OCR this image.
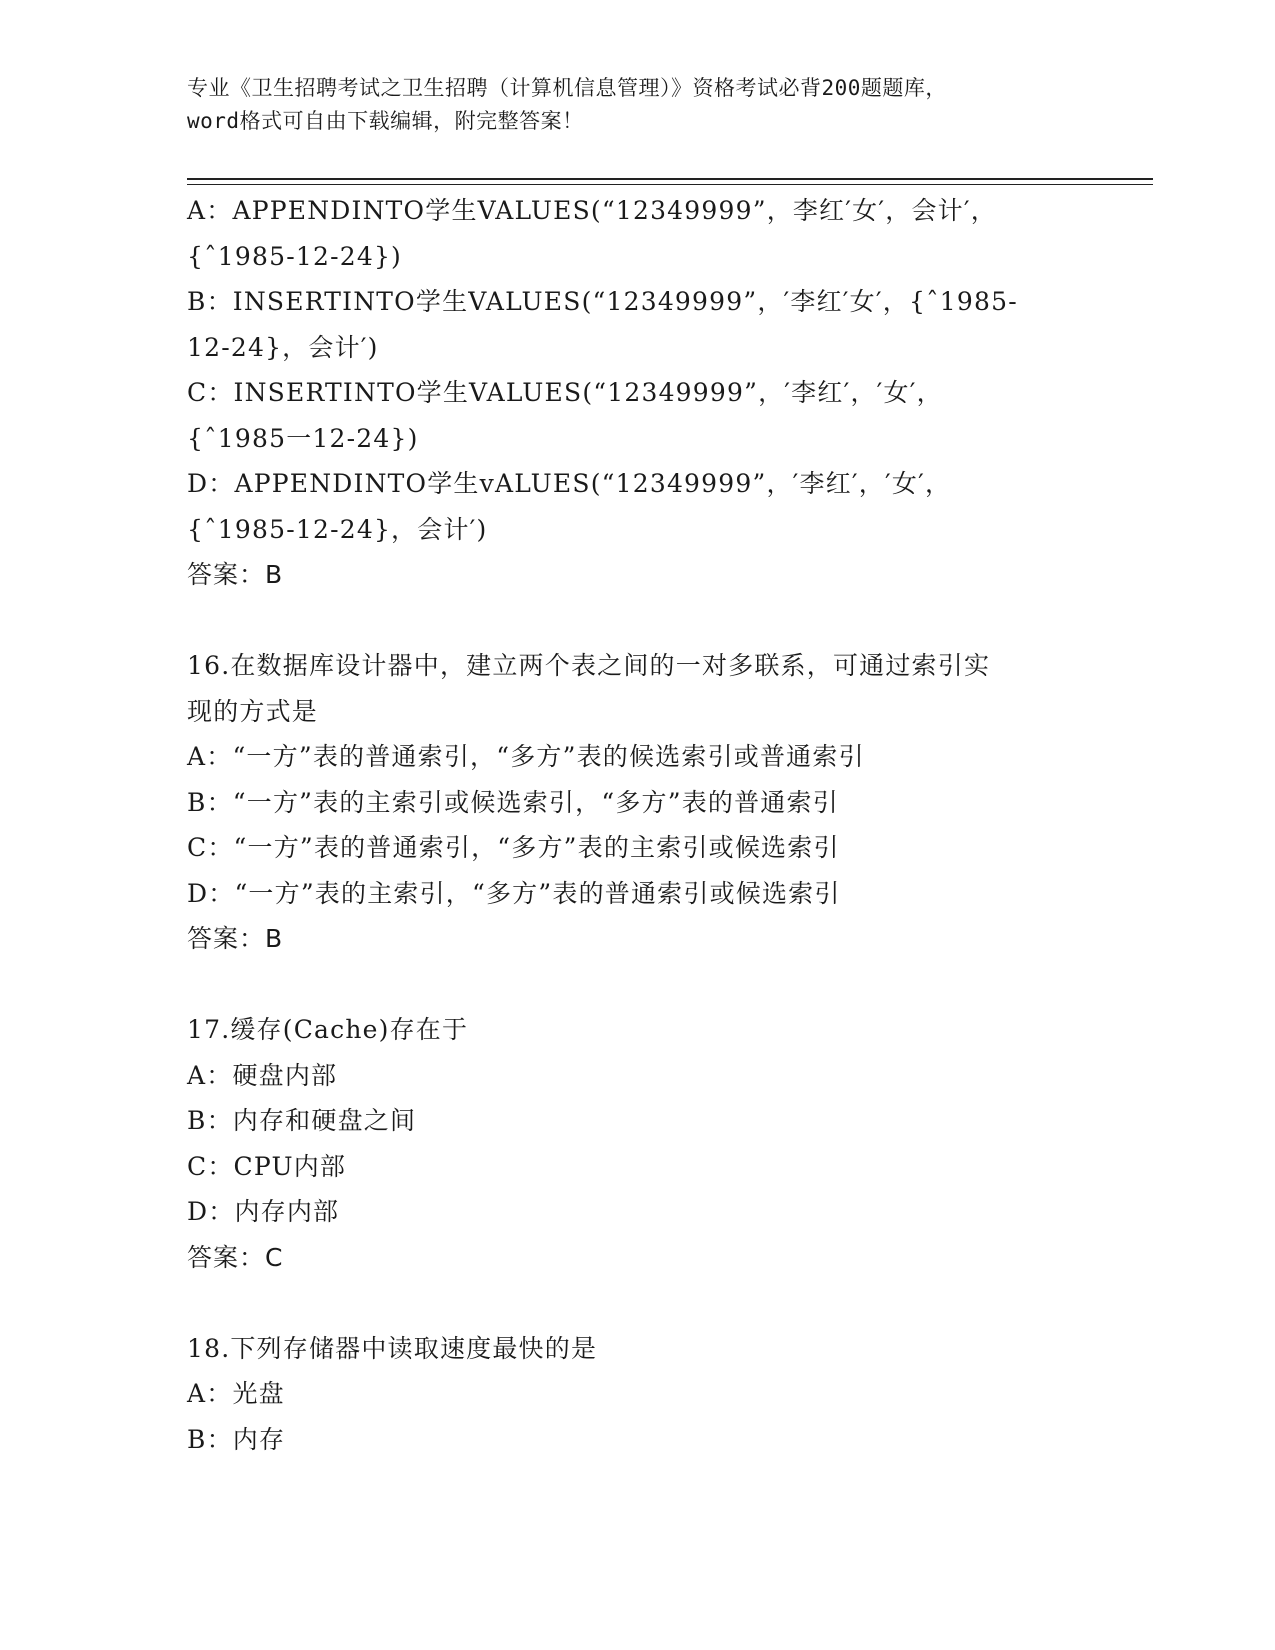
专业《卫生招聘考试之卫生招聘（计算机信息管理）》资格考试必背200题题库，
word格式可自由下载编辑，附完整答案！
A：APPENDINTO学生VALUES(“12349999”，李红′女′，会计′，
{ˆ1985-12-24})
B：INSERTINTO学生VALUES(“12349999”，′李红′女′，{ˆ1985-
12-24}，会计′)
C：INSERTINTO学生VALUES(“12349999”，′李红′，′女′，
{ˆ1985一12-24})
D：APPENDINTO学生vALUES(“12349999”，′李红′，′女′，
{ˆ1985-12-24}，会计′)
答案：B
16.在数据库设计器中，建立两个表之间的一对多联系，可通过索引实
现的方式是
A：“一方”表的普通索引，“多方”表的候选索引或普通索引
B：“一方”表的主索引或候选索引，“多方”表的普通索引
C：“一方”表的普通索引，“多方”表的主索引或候选索引
D：“一方”表的主索引，“多方”表的普通索引或候选索引
答案：B
17.缓存(Cache)存在于
A：硬盘内部
B：内存和硬盘之间
C：CPU内部
D：内存内部
答案：C
18.下列存储器中读取速度最快的是
A：光盘
B：内存
